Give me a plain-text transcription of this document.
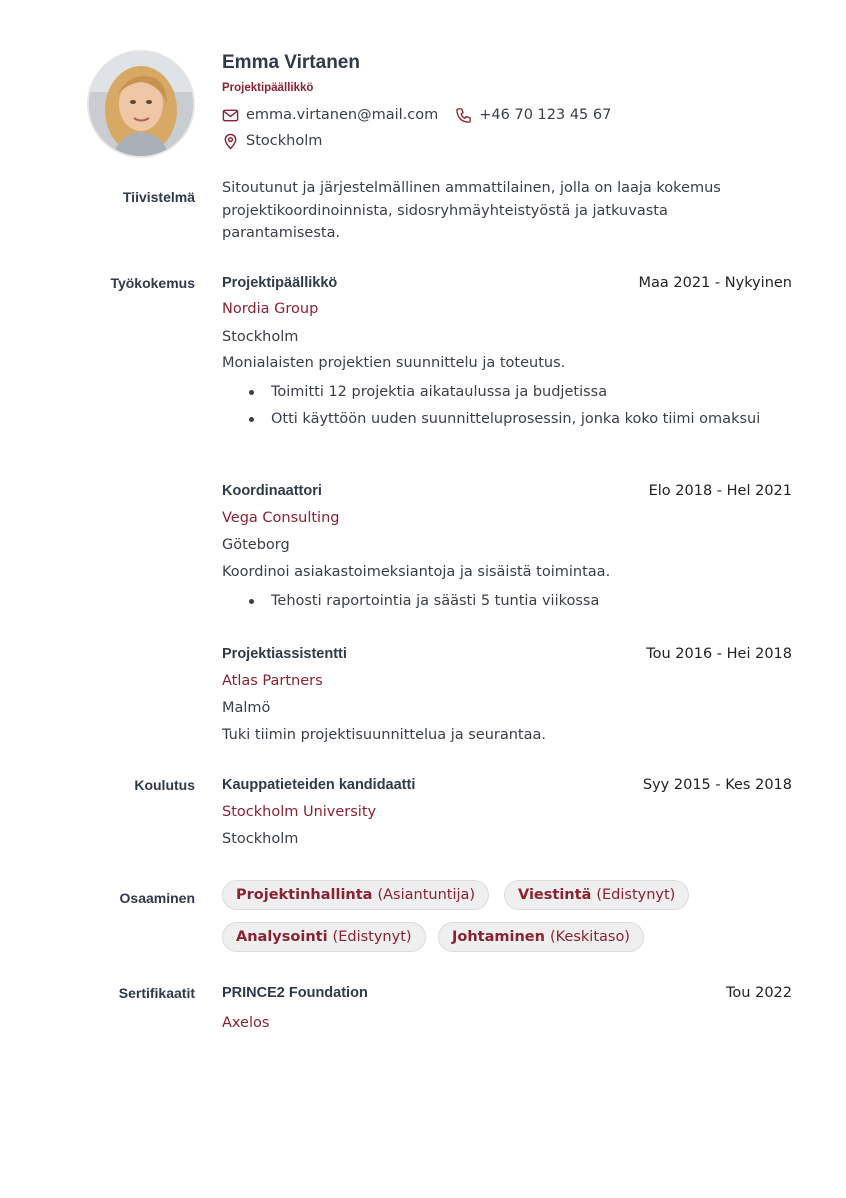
Emma Virtanen
Projektipäällikkö
emma.virtanen@mail.com	+46 70 123 45 67
Stockholm
Tiivistelmä
Sitoutunut ja järjestelmällinen ammattilainen, jolla on laaja kokemus projektikoordinoinnista, sidosryhmäyhteistyöstä ja jatkuvasta parantamisesta.
Työkokemus Projektipäällikkö	Maa 2021 - Nykyinen
Nordia Group
Stockholm
Monialaisten projektien suunnittelu ja toteutus.
Toimitti 12 projektia aikataulussa ja budjetissa
Otti käyttöön uuden suunnitteluprosessin, jonka koko tiimi omaksui
Koordinaattori	Elo 2018 - Hel 2021
Vega Consulting
Göteborg
Koordinoi asiakastoimeksiantoja ja sisäistä toimintaa.
Tehosti raportointia ja säästi 5 tuntia viikossa
Projektiassistentti	Tou 2016 - Hei 2018
Atlas Partners
Malmö
Tuki tiimin projektisuunnittelua ja seurantaa.
Koulutus Kauppatieteiden kandidaatti	Syy 2015 - Kes 2018
Stockholm University
Stockholm
Osaaminen	Projektinhallinta (Asiantuntija)	Viestintä (Edistynyt)
Analysointi (Edistynyt)	Johtaminen (Keskitaso)
Sertifikaatit PRINCE2 Foundation	Tou 2022
Axelos
